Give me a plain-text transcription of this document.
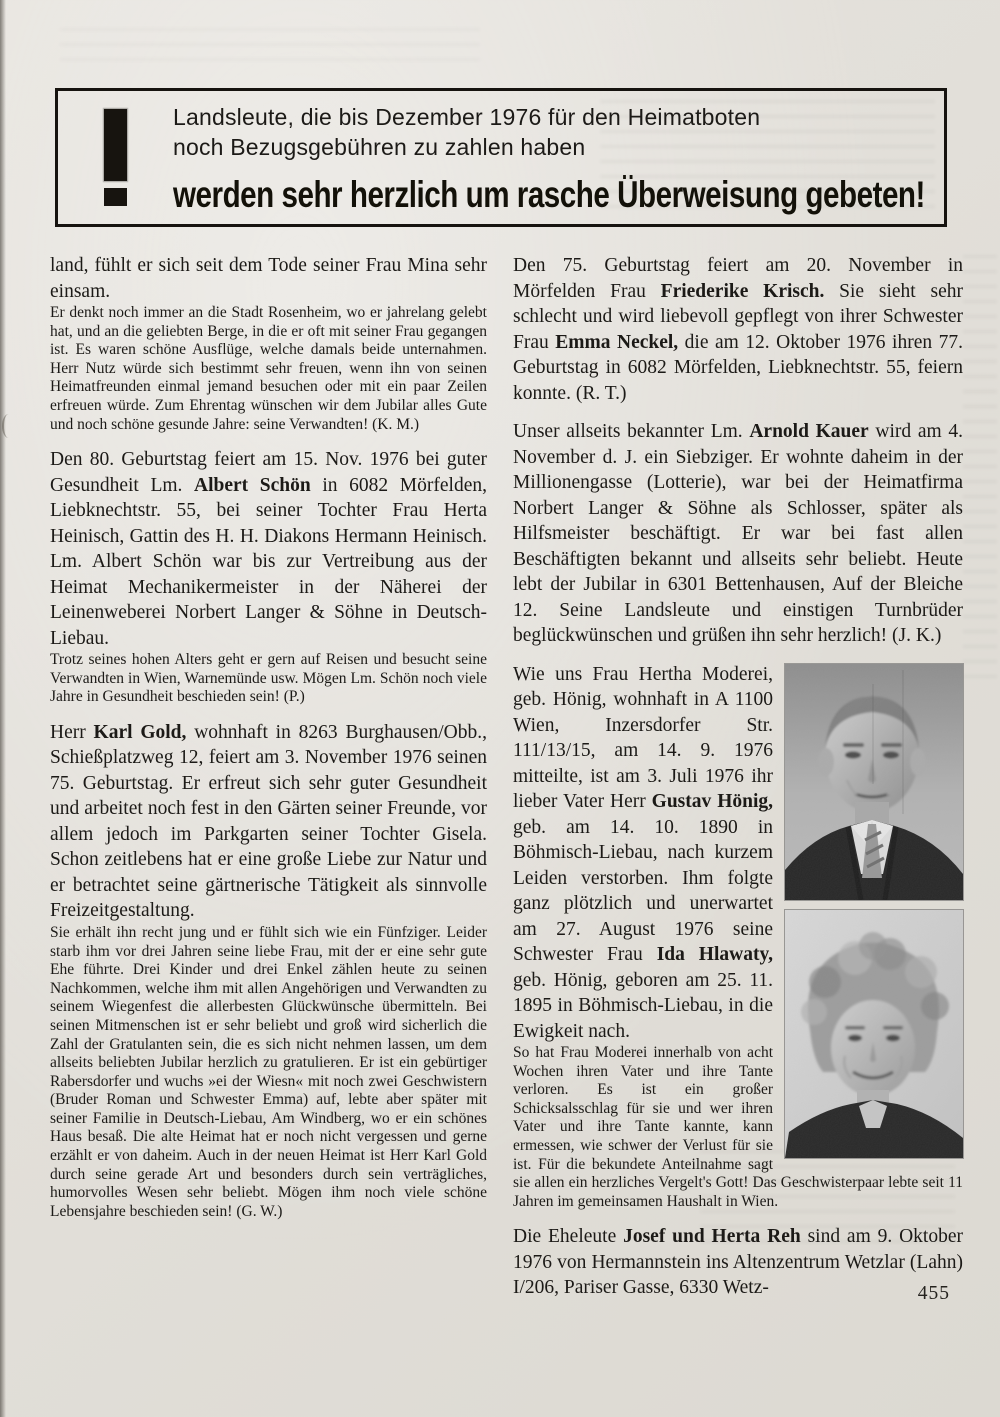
Landsleute, die bis Dezember 1976 für den Heimatboten
noch Bezugsgebühren zu zahlen haben
werden sehr herzlich um rasche Überweisung gebeten!

land, fühlt er sich seit dem Tode seiner Frau Mina sehr einsam.

Er denkt noch immer an die Stadt Rosenheim, wo er jahrelang gelebt hat, und an die geliebten Berge, in die er oft mit seiner Frau gegangen ist. Es waren schöne Ausflüge, welche damals beide unternahmen. Herr Nutz würde sich bestimmt sehr freuen, wenn ihn von seinen Heimatfreunden einmal jemand besuchen oder mit ein paar Zeilen erfreuen würde. Zum Ehrentag wünschen wir dem Jubilar alles Gute und noch schöne gesunde Jahre: seine Verwandten! (K. M.)

Den 80. Geburtstag feiert am 15. Nov. 1976 bei guter Gesundheit Lm. Albert Schön in 6082 Mörfelden, Liebknechtstr. 55, bei seiner Tochter Frau Herta Heinisch, Gattin des H. H. Diakons Hermann Heinisch. Lm. Albert Schön war bis zur Vertreibung aus der Heimat Mechanikermeister in der Näherei der Leinenweberei Norbert Langer & Söhne in Deutsch-Liebau.

Trotz seines hohen Alters geht er gern auf Reisen und besucht seine Verwandten in Wien, Warnemünde usw. Mögen Lm. Schön noch viele Jahre in Gesundheit beschieden sein! (P.)

Herr Karl Gold, wohnhaft in 8263 Burghausen/Obb., Schießplatzweg 12, feiert am 3. November 1976 seinen 75. Geburtstag. Er erfreut sich sehr guter Gesundheit und arbeitet noch fest in den Gärten seiner Freunde, vor allem jedoch im Parkgarten seiner Tochter Gisela. Schon zeitlebens hat er eine große Liebe zur Natur und er betrachtet seine gärtnerische Tätigkeit als sinnvolle Freizeitgestaltung.

Sie erhält ihn recht jung und er fühlt sich wie ein Fünfziger. Leider starb ihm vor drei Jahren seine liebe Frau, mit der er eine sehr gute Ehe führte. Drei Kinder und drei Enkel zählen heute zu seinen Nachkommen, welche ihm mit allen Angehörigen und Verwandten zu seinem Wiegenfest die allerbesten Glückwünsche übermitteln. Bei seinen Mitmenschen ist er sehr beliebt und groß wird sicherlich die Zahl der Gratulanten sein, die es sich nicht nehmen lassen, um dem allseits beliebten Jubilar herzlich zu gratulieren. Er ist ein gebürtiger Rabersdorfer und wuchs »ei der Wiesn« mit noch zwei Geschwistern (Bruder Roman und Schwester Emma) auf, lebte aber später mit seiner Familie in Deutsch-Liebau, Am Windberg, wo er ein schönes Haus besaß. Die alte Heimat hat er noch nicht vergessen und gerne erzählt er von daheim. Auch in der neuen Heimat ist Herr Karl Gold durch seine gerade Art und besonders durch sein verträgliches, humorvolles Wesen sehr beliebt. Mögen ihm noch viele schöne Lebensjahre beschieden sein! (G. W.)

Den 75. Geburtstag feiert am 20. November in Mörfelden Frau Friederike Krisch. Sie sieht sehr schlecht und wird liebevoll gepflegt von ihrer Schwester Frau Emma Neckel, die am 12. Oktober 1976 ihren 77. Geburtstag in 6082 Mörfelden, Liebknechtstr. 55, feiern konnte. (R. T.)

Unser allseits bekannter Lm. Arnold Kauer wird am 4. November d. J. ein Siebziger. Er wohnte daheim in der Millionengasse (Lotterie), war bei der Heimatfirma Norbert Langer & Söhne als Schlosser, später als Hilfsmeister beschäftigt. Er war bei fast allen Beschäftigten bekannt und allseits sehr beliebt. Heute lebt der Jubilar in 6301 Bettenhausen, Auf der Bleiche 12. Seine Landsleute und einstigen Turnbrüder beglückwünschen und grüßen ihn sehr herzlich! (J. K.)

Wie uns Frau Hertha Moderei, geb. Hönig, wohnhaft in A 1100 Wien, Inzersdorfer Str. 111/13/15, am 14. 9. 1976 mitteilte, ist am 3. Juli 1976 ihr lieber Vater Herr Gustav Hönig, geb. am 14. 10. 1890 in Böhmisch-Liebau, nach kurzem Leiden verstorben. Ihm folgte ganz plötzlich und unerwartet am 27. August 1976 seine Schwester Frau Ida Hlawaty, geb. Hönig, geboren am 25. 11. 1895 in Böhmisch-Liebau, in die Ewigkeit nach.

So hat Frau Moderei innerhalb von acht Wochen ihren Vater und ihre Tante verloren. Es ist ein großer Schicksalsschlag für sie und wer ihren Vater und ihre Tante kannte, kann ermessen, wie schwer der Verlust für sie ist. Für die bekundete Anteilnahme sagt sie allen ein herzliches Vergelt's Gott! Das Geschwisterpaar lebte seit 11 Jahren im gemeinsamen Haushalt in Wien.

Die Eheleute Josef und Herta Reh sind am 9. Oktober 1976 von Hermannstein ins Altenzentrum Wetzlar (Lahn) I/206, Pariser Gasse, 6330 Wetz-	455
